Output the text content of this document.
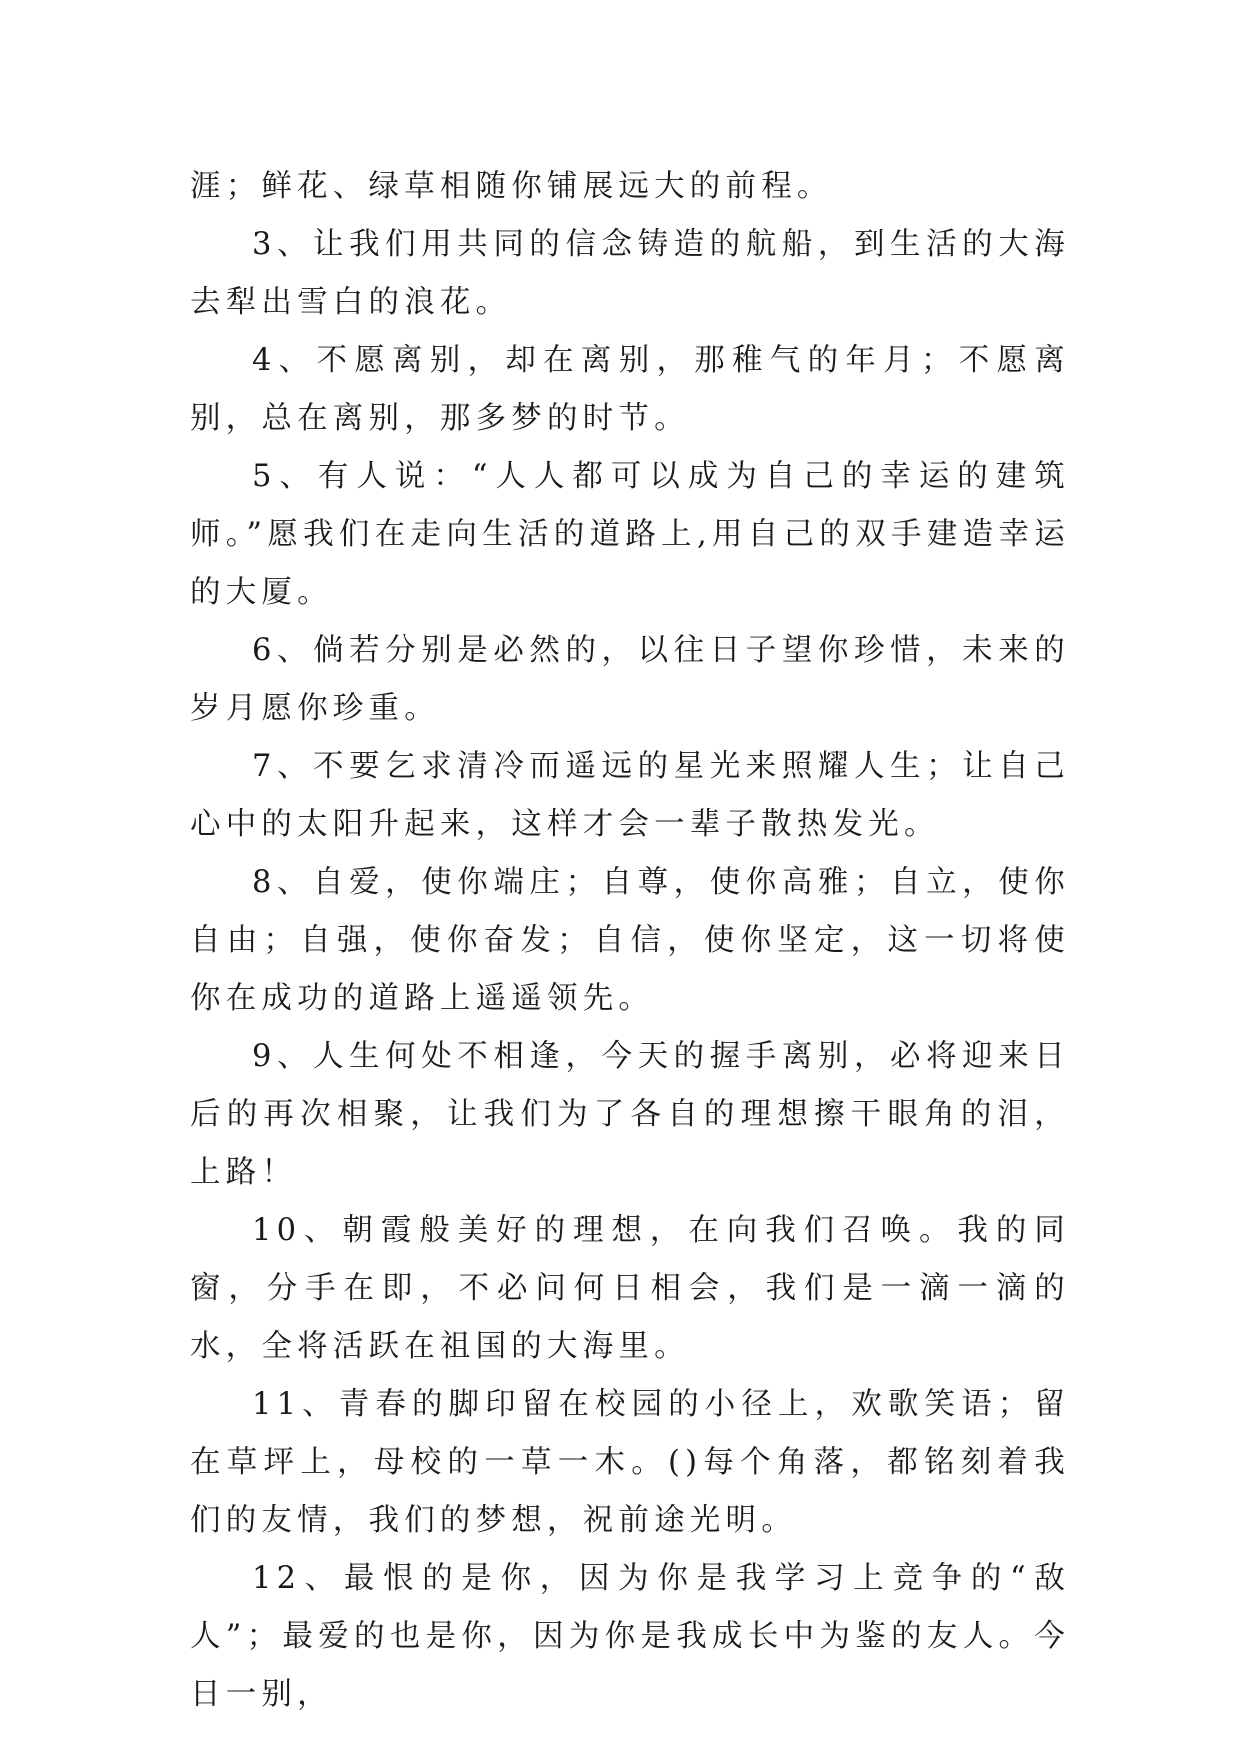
涯；鲜花、绿草相随你铺展远大的前程。

3、让我们用共同的信念铸造的航船，到生活的大海去犁出雪白的浪花。

4、不愿离别，却在离别，那稚气的年月；不愿离别，总在离别，那多梦的时节。

5、有人说：“人人都可以成为自己的幸运的建筑师。”愿我们在走向生活的道路上,用自己的双手建造幸运的大厦。

6、倘若分别是必然的，以往日子望你珍惜，未来的岁月愿你珍重。

7、不要乞求清冷而遥远的星光来照耀人生；让自己心中的太阳升起来，这样才会一辈子散热发光。

8、自爱，使你端庄；自尊，使你高雅；自立，使你自由；自强，使你奋发；自信，使你坚定，这一切将使你在成功的道路上遥遥领先。

9、人生何处不相逢，今天的握手离别，必将迎来日后的再次相聚，让我们为了各自的理想擦干眼角的泪，上路！

10、朝霞般美好的理想，在向我们召唤。我的同窗，分手在即，不必问何日相会，我们是一滴一滴的水，全将活跃在祖国的大海里。

11、青春的脚印留在校园的小径上，欢歌笑语；留在草坪上，母校的一草一木。()每个角落，都铭刻着我们的友情，我们的梦想，祝前途光明。

12、最恨的是你，因为你是我学习上竞争的“敌人”；最爱的也是你，因为你是我成长中为鉴的友人。今日一别，
